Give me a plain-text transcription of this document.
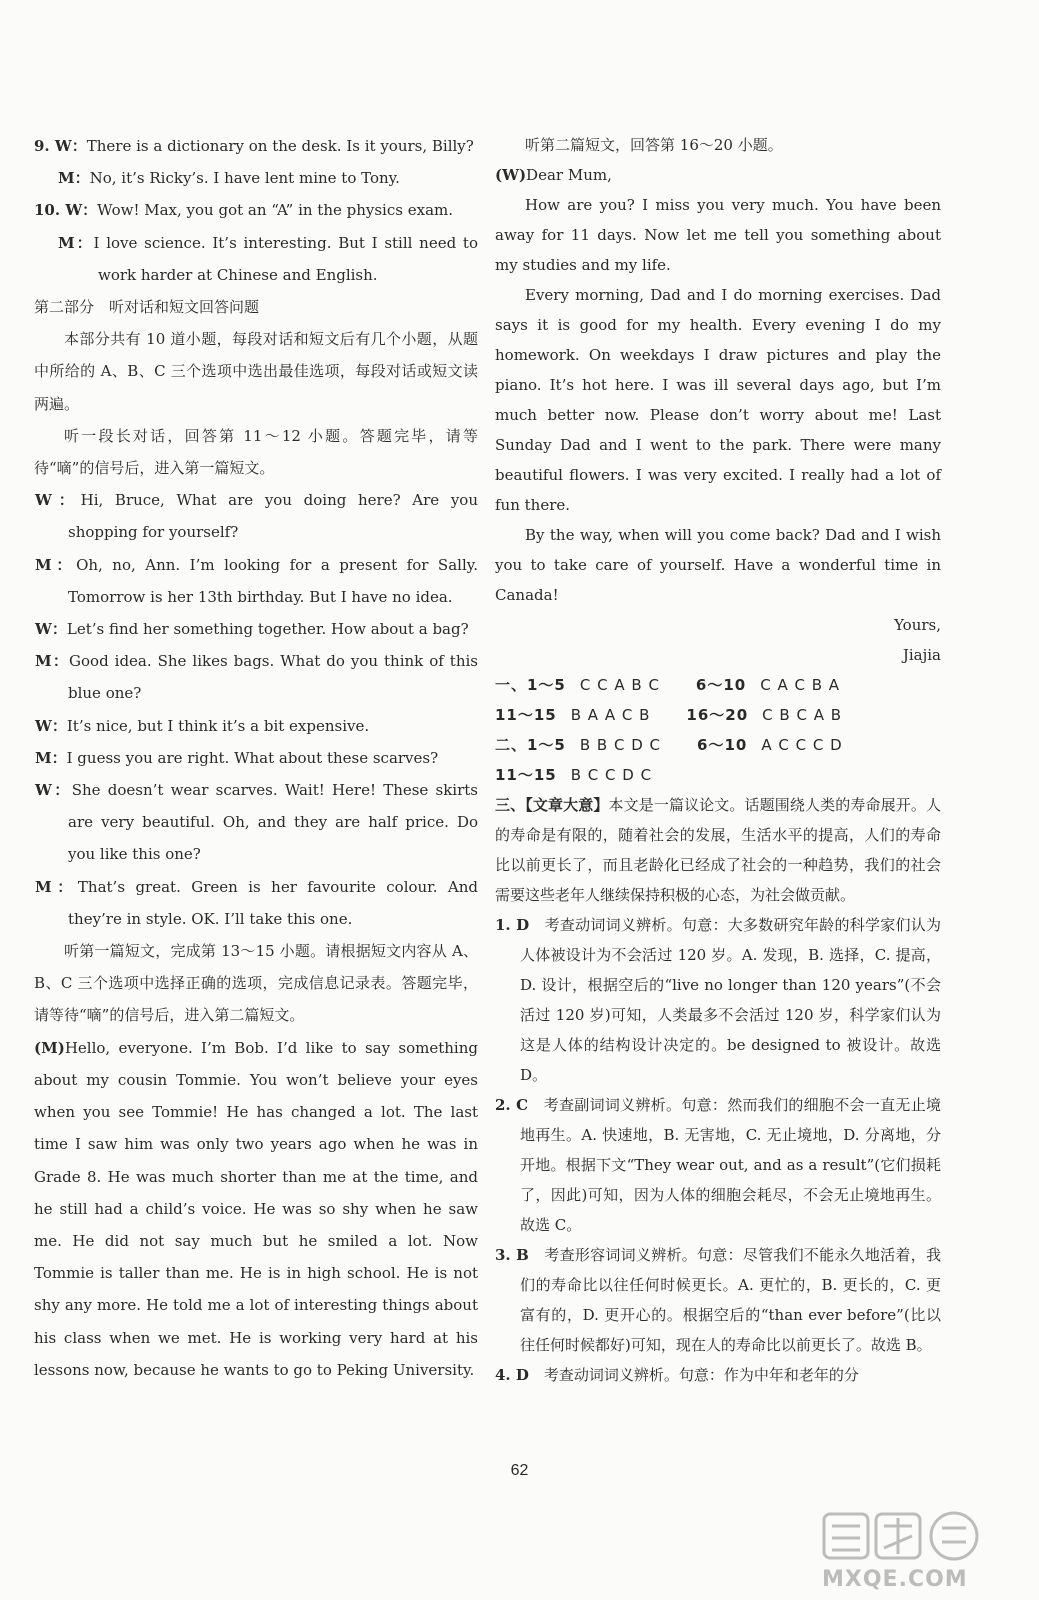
9. W：There is a dictionary on the desk. Is it yours, Billy?

M：No, it’s Ricky’s. I have lent mine to Tony.

10. W：Wow! Max, you got an “A” in the physics exam.

M：I love science. It’s interesting. But I still need to work harder at Chinese and English.

第二部分　听对话和短文回答问题

本部分共有 10 道小题，每段对话和短文后有几个小题，从题中所给的 A、B、C 三个选项中选出最佳选项，每段对话或短文读两遍。

听一段长对话，回答第 11～12 小题。答题完毕，请等待“嘀”的信号后，进入第一篇短文。

W：Hi, Bruce, What are you doing here? Are you shopping for yourself?

M：Oh, no, Ann. I’m looking for a present for Sally. Tomorrow is her 13th birthday. But I have no idea.

W：Let’s find her something together. How about a bag?

M：Good idea. She likes bags. What do you think of this blue one?

W：It’s nice, but I think it’s a bit expensive.

M：I guess you are right. What about these scarves?

W：She doesn’t wear scarves. Wait! Here! These skirts are very beautiful. Oh, and they are half price. Do you like this one?

M：That’s great. Green is her favourite colour. And they’re in style. OK. I’ll take this one.

听第一篇短文，完成第 13～15 小题。请根据短文内容从 A、B、C 三个选项中选择正确的选项，完成信息记录表。答题完毕，请等待“嘀”的信号后，进入第二篇短文。

(M)Hello, everyone. I’m Bob. I’d like to say something about my cousin Tommie. You won’t believe your eyes when you see Tommie! He has changed a lot. The last time I saw him was only two years ago when he was in Grade 8. He was much shorter than me at the time, and he still had a child’s voice. He was so shy when he saw me. He did not say much but he smiled a lot. Now Tommie is taller than me. He is in high school. He is not shy any more. He told me a lot of interesting things about his class when we met. He is working very hard at his lessons now, because he wants to go to Peking University.

听第二篇短文，回答第 16～20 小题。

(W)Dear Mum,

How are you? I miss you very much. You have been away for 11 days. Now let me tell you something about my studies and my life.

Every morning, Dad and I do morning exercises. Dad says it is good for my health. Every evening I do my homework. On weekdays I draw pictures and play the piano. It’s hot here. I was ill several days ago, but I’m much better now. Please don’t worry about me! Last Sunday Dad and I went to the park. There were many beautiful flowers. I was very excited. I really had a lot of fun there.

By the way, when will you come back? Dad and I wish you to take care of yourself. Have a wonderful time in Canada!

Yours,

Jiajia

一、1～5 C C A B C 6～10 C A C B A

11～15 B A A C B 16～20 C B C A B

二、1～5 B B C D C 6～10 A C C C D

11～15 B C C D C

三、【文章大意】本文是一篇议论文。话题围绕人类的寿命展开。人的寿命是有限的，随着社会的发展，生活水平的提高，人们的寿命比以前更长了，而且老龄化已经成了社会的一种趋势，我们的社会需要这些老年人继续保持积极的心态，为社会做贡献。

1. D　考查动词词义辨析。句意：大多数研究年龄的科学家们认为人体被设计为不会活过 120 岁。A. 发现，B. 选择，C. 提高，D. 设计，根据空后的“live no longer than 120 years”(不会活过 120 岁)可知，人类最多不会活过 120 岁，科学家们认为这是人体的结构设计决定的。be designed to 被设计。故选 D。

2. C　考查副词词义辨析。句意：然而我们的细胞不会一直无止境地再生。A. 快速地，B. 无害地，C. 无止境地，D. 分离地，分开地。根据下文“They wear out, and as a result”(它们损耗了，因此)可知，因为人体的细胞会耗尽，不会无止境地再生。故选 C。

3. B　考查形容词词义辨析。句意：尽管我们不能永久地活着，我们的寿命比以往任何时候更长。A. 更忙的，B. 更长的，C. 更富有的，D. 更开心的。根据空后的“than ever before”(比以往任何时候都好)可知，现在人的寿命比以前更长了。故选 B。

4. D　考查动词词义辨析。句意：作为中年和老年的分

62
MXQE.COM
